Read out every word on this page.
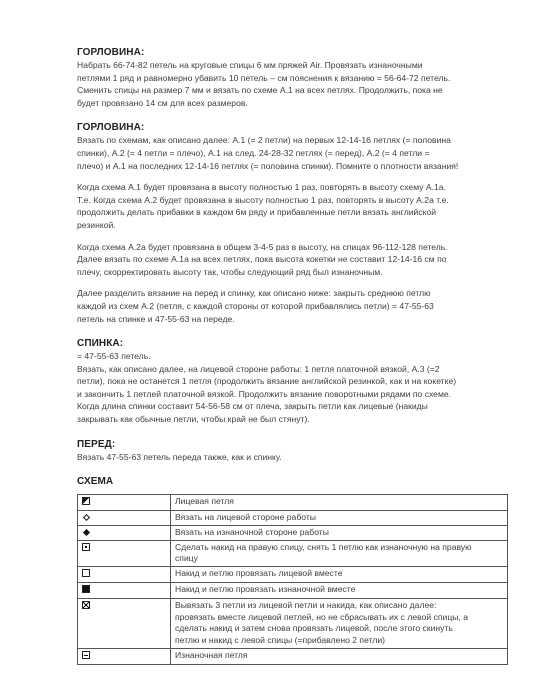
ГОРЛОВИНА:

Набрать 66-74-82 петель на круговые спицы 6 мм пряжей Air. Провязать изнаночными
петлями 1 ряд и равномерно убавить 10 петель – см пояснения к вязанию = 56-64-72 петель.
Сменить спицы на размер 7 мм и вязать по схеме А.1 на всех петлях. Продолжить, пока не
будет провязано 14 см для всех размеров.

ГОРЛОВИНА:

Вязать по схемам, как описано далее: А.1 (= 2 петли) на первых 12-14-16 петлях (= половина
спинки), А.2 (= 4 петли = плечо), А.1 на след. 24-28-32 петлях (= перед), А.2 (= 4 петли =
плечо) и А.1 на последних 12-14-16 петлях (= половина спинки). Помните о плотности вязания!

Когда схема А.1 будет провязана в высоту полностью 1 раз, повторять в высоту схему А.1а.
Т.е. Когда схема А.2 будет провязана в высоту полностью 1 раз, повторять в высоту А.2а т.е.
продолжить делать прибавки в каждом 6м ряду и прибавленные петли вязать английской
резинкой.

Когда схема А.2а будет провязана в общем 3-4-5 раз в высоту, на спицах 96-112-128 петель.
Далее вязать по схеме А.1а на всех петлях, пока высота кокетки не составит 12-14-16 см по
плечу, скорректировать высоту так, чтобы следующий ряд был изнаночным.

Далее разделить вязание на перед и спинку, как описано ниже: закрыть среднюю петлю
каждой из схем А.2 (петля, с каждой стороны от которой прибавлялись петли) = 47-55-63
петель на спинке и 47-55-63 на переде.

СПИНКА:

= 47-55-63 петель.
Вязать, как описано далее, на лицевой стороне работы: 1 петля платочной вязкой, А.3 (=2
петли), пока не останется 1 петля (продолжить вязание английской резинкой, как и на кокетке)
и закончить 1 петлей платочной вязкой. Продолжить вязание поворотными рядами по схеме.
Когда длина спинки составит 54-56-58 см от плеча, закрыть петли как лицевые (накиды
закрывать как обычные петли, чтобы край не был стянут).

ПЕРЕД:

Вязать 47-55-63 петель переда также, как и спинку.

СХЕМА

	Лицевая петля

	Вязать на лицевой стороне работы

	Вязать на изнаночной стороне работы

	Сделать накид на правую спицу, снять 1 петлю как изнаночную на правую
спицу

	Накид и петлю провязать лицевой вместе

	Накид и петлю провязать изнаночной вместе

	Вывязать 3 петли из лицевой петли и накида, как описано далее:
провязать вместе лицевой петлей, но не сбрасывать их с левой спицы, а
сделать накид и затем снова провязать лицевой, после этого скинуть
петлю и накид с левой спицы (=прибавлено 2 петли)

	Изнаночная петля
